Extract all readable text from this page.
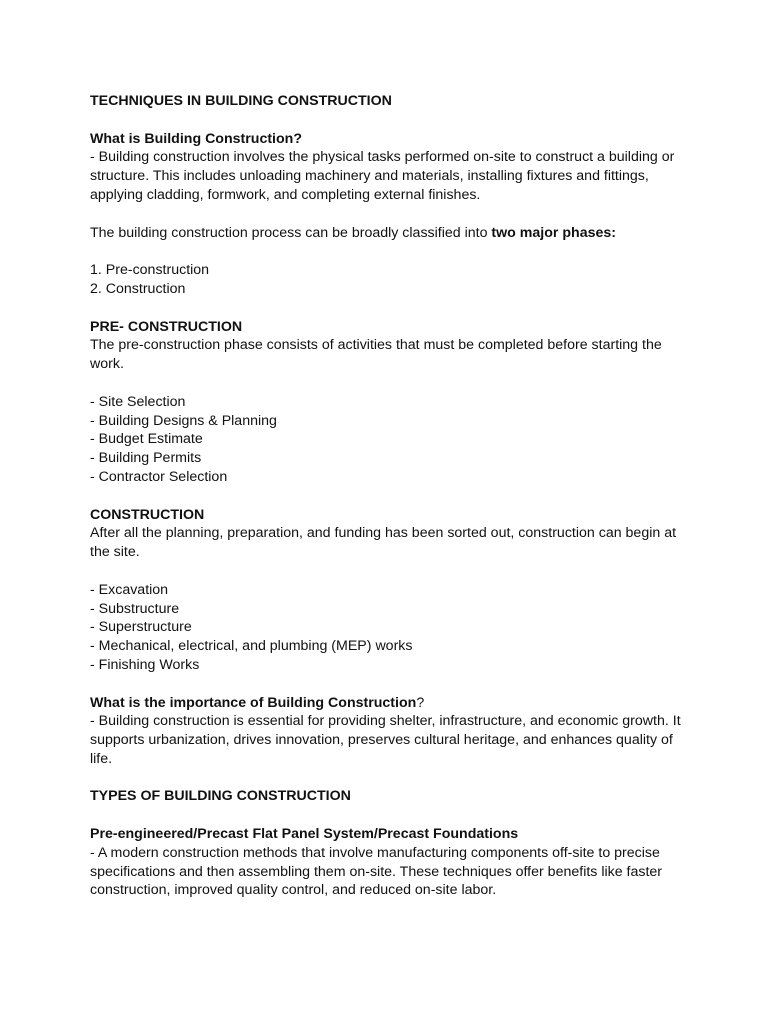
TECHNIQUES IN BUILDING CONSTRUCTION

What is Building Construction?

- Building construction involves the physical tasks performed on-site to construct a building or

structure. This includes unloading machinery and materials, installing fixtures and fittings,

applying cladding, formwork, and completing external finishes.

The building construction process can be broadly classified into two major phases:

1. Pre-construction
2. Construction

PRE- CONSTRUCTION

The pre-construction phase consists of activities that must be completed before starting the

work.

- Site Selection
- Building Designs & Planning
- Budget Estimate
- Building Permits
- Contractor Selection

CONSTRUCTION

After all the planning, preparation, and funding has been sorted out, construction can begin at

the site.

- Excavation
- Substructure
- Superstructure
- Mechanical, electrical, and plumbing (MEP) works
- Finishing Works

What is the importance of Building Construction?

- Building construction is essential for providing shelter, infrastructure, and economic growth. It

supports urbanization, drives innovation, preserves cultural heritage, and enhances quality of

life.

TYPES OF BUILDING CONSTRUCTION

Pre-engineered/Precast Flat Panel System/Precast Foundations

- A modern construction methods that involve manufacturing components off-site to precise

specifications and then assembling them on-site. These techniques offer benefits like faster

construction, improved quality control, and reduced on-site labor.
